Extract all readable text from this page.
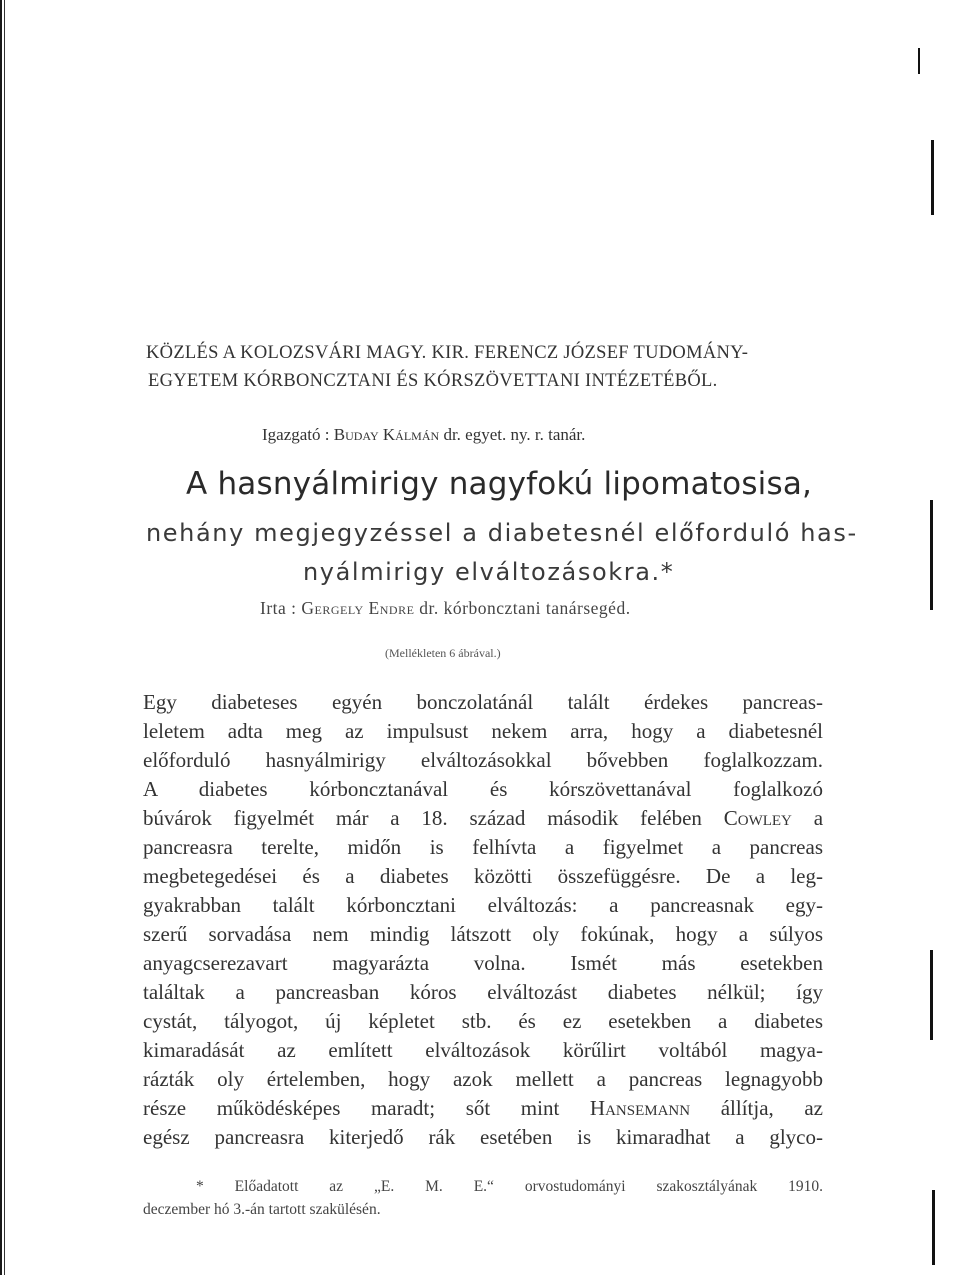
KÖZLÉS A KOLOZSVÁRI MAGY. KIR. FERENCZ JÓZSEF TUDOMÁNY-
EGYETEM KÓRBONCZTANI ÉS KÓRSZÖVETTANI INTÉZETÉBŐL.
Igazgató : Buday Kálmán dr. egyet. ny. r. tanár.
A hasnyálmirigy nagyfokú lipomatosisa,
nehány megjegyzéssel a diabetesnél előforduló has-
nyálmirigy elváltozásokra.*
Irta : Gergely Endre dr. kórboncztani tanársegéd.
(Mellékleten 6 ábrával.)
Egy diabeteses egyén bonczolatánál talált érdekes pancreas-
leletem adta meg az impulsust nekem arra, hogy a diabetesnél
előforduló hasnyálmirigy elváltozásokkal bővebben foglalkozzam.
A diabetes kórboncztanával és kórszövettanával foglalkozó
búvárok figyelmét már a 18. század második felében Cowley a
pancreasra terelte, midőn is felhívta a figyelmet a pancreas
megbetegedései és a diabetes közötti összefüggésre. De a leg-
gyakrabban talált kórboncztani elváltozás: a pancreasnak egy-
szerű sorvadása nem mindig látszott oly fokúnak, hogy a súlyos
anyagcserezavart magyarázta volna. Ismét más esetekben
találtak a pancreasban kóros elváltozást diabetes nélkül; így
cystát, tályogot, új képletet stb. és ez esetekben a diabetes
kimaradását az említett elváltozások körűlirt voltából magya-
rázták oly értelemben, hogy azok mellett a pancreas legnagyobb
része működésképes maradt; sőt mint Hansemann állítja, az
egész pancreasra kiterjedő rák esetében is kimaradhat a glyco-
* Előadatott az „E. M. E.“ orvostudományi szakosztályának 1910.
deczember hó 3.-án tartott szakülésén.
